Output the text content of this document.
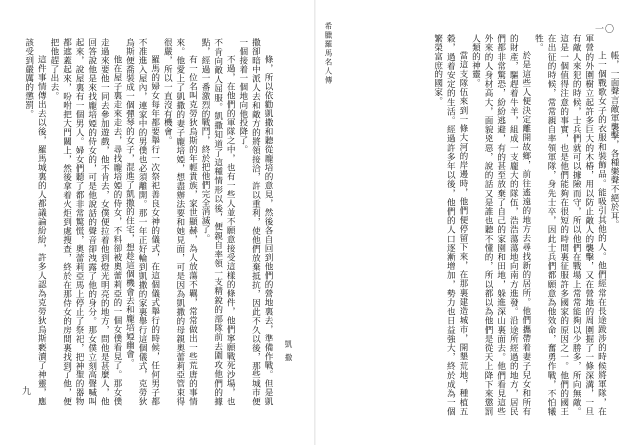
條，所以依勸凱撒和聽從龐培的意見，然後各自回到他們的營地裏去，準備作戰。但是凱撒卻暗中派人去和敵方的將領接洽，許以重利，使他們放棄抵抗，因此不久以後，那些城市便一個接着一個地向他投降了。

不過，在他們的軍隊之中，也有一些人並不願意接受這樣的條件，他們寧願戰死沙場，也不肯向敵人屈服。凱撒知道了這種情形以後，便親自率領一支精銳的部隊前去圍攻他們的據點，經過一番激烈的戰鬥，終於把他們完全消滅了。

有一位名叫克勞狄烏斯的年輕貴族，家世顯赫，為人放蕩不羈，常常做出一些荒唐的事情來。他愛上了凱撒的妻子龐培婭，想盡辦法要和她見面，可是因為凱撒的母親奧蕾莉亞管束得很嚴，所以一直沒有機會。

羅馬的婦女每年都要舉行一次祭祀善良女神的儀式，在這個儀式舉行的時候，任何男子都不准進入屋內，連家中的男僕也必須離開。那一年正好輪到凱撒的家裏舉行這個儀式，克勞狄烏斯便喬裝成一個彈琴的女子，混進了凱撒的住宅，想趁這個機會去和龐培婭幽會。

他在屋子裏走來走去，尋找龐培婭的侍女，不料卻被奧蕾莉亞的一個女僕看見了。那女僕走過來要他一同去參加遊戲，他不肯去，女僕便拉着他到燈光明亮的地方，問他是甚麼人，他回答說他是來找龐培婭的侍女的，可是他說話的聲音卻洩露了他的身分。那女僕立刻高聲喊叫起來，說屋裏有一個男人。婦女們聽了都非常驚慌，奧蕾莉亞馬上停止了祭祀，把神聖的器物都遮蓋起來，吩咐把大門關上，然後拿着火炬到處搜查，終於在那侍女的房間裏找到了他，便把他趕了出去。

這件事情傳出去以後，羅馬城裏的人都議論紛紛，許多人認為克勞狄烏斯褻瀆了神靈，應該受到嚴厲的懲罰。

凱撒
九

帳，一面聲言敵軍襲擊，各種樂聲不絕於耳。

上一個戰歌女子的衣服和裝飾品。能吸引其他的人。他們經常在長途跋涉的時候將軍隊，在軍營的外圍樹立起許多巨大的木椿，用以防止敵人的襲擊，又在營地的周圍掘了一條深溝，一旦有敵人來犯的時候，士兵們就可以據險而守，所以他們在戰場上常常能夠以少勝多，所向無敵。這是一個值得注意的事實，也是他們能夠在很短的時間裏征服許多國家的原因之一。他們的國王在出征的時候，常常親自率領軍隊，身先士卒，因此士兵們都願意為他效命，奮勇作戰，不怕犧牲。

於是這些人便決定離開故鄉，前往遙遠的地方去尋找新的居所。他們攜帶着妻子兒女和所有的財產，驅趕着牛羊，組成一支龐大的隊伍，浩浩蕩蕩地向南方進發。沿途所經過的地方，居民們都非常驚恐，紛紛逃避，有的甚至放棄了自己的家園和田地，躲進深山裏面去。他們看見這些外來的人身材高大，面貌兇惡，說的話又是誰也聽不懂的，所以都以為他們是從天上降下來懲罰人類的神靈。

當這支隊伍來到一條大河的岸邊時，他們便停留下來，在那裏建造城市，開墾荒地，種植五穀，過着安定的生活。經過許多年以後，他們的人口逐漸增加，勢力也日益強大，終於成為一個繁榮富庶的國家。

希臘羅馬名人傳	一〇
